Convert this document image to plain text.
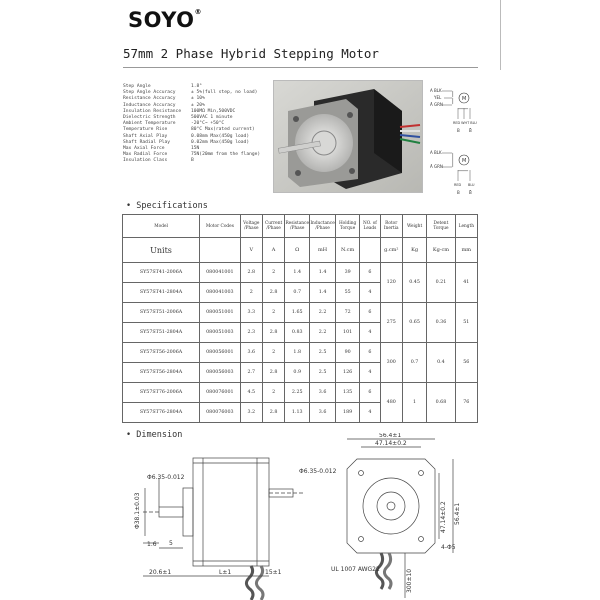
SOYO®
57mm 2 Phase Hybrid Stepping Motor
Step Angle	1.8°
Step Angle Accuracy	± 5%(full step, no load)
Resistance Accuracy	± 10%
Inductance Accuracy	± 20%
Insulation Resistance	100MΩ Min,500VDC
Dielectric Strength	500VAC 1 minute
Ambient Temperature	-20°C~ +50°C
Temperature Rise	80°C Max(rated current)
Shaft Axial Play	0.08mm Max(450g load)
Shaft Radial Play	0.02mm Max(450g load)
Max Axial Force	15N
Max Radial Force	75N(20mm from the flange)
Insulation Class	B
A BLK
YEL
Ā GRN
M
RED WHT BLU
B B̄
A BLK
Ā GRN
M
RED BLU
B B̄
• Specifications
Model	Motor Codes	Voltage /Phase	Current /Phase	Resistance /Phase	Inductance /Phase	Holding Torque	NO. of Leads	Rotor Inertia	Weight	Detent Torque	Length
Units		V	A	Ω	mH	N.cm		g.cm²	Kg	Kg-cm	mm
SY57ST41-2006A	080041001	2.8	2	1.4	1.4	39	6	120	0.45	0.21	41
SY57ST41-2804A	080041003	2	2.8	0.7	1.4	55	4				
SY57ST51-2006A	080051001	3.3	2	1.65	2.2	72	6	275	0.65	0.36	51
SY57ST51-2804A	080051003	2.3	2.8	0.83	2.2	101	4				
SY57ST56-2006A	080056001	3.6	2	1.8	2.5	90	6	300	0.7	0.4	56
SY57ST56-2804A	080056003	2.7	2.8	0.9	2.5	126	4				
SY57ST76-2006A	080076001	4.5	2	2.25	3.6	135	6	480	1	0.68	76
SY57ST76-2804A	080076003	3.2	2.8	1.13	3.6	189	4				
• Dimension
Φ6.35-0.012
Φ38.1±0.03
Φ6.35-0.012
1.6 5
20.6±1	L±1	15±1
56.4±1
47.14±0.2
47.14±0.2 56.4±1
4-Φ5
UL 1007 AWG22	300±10
